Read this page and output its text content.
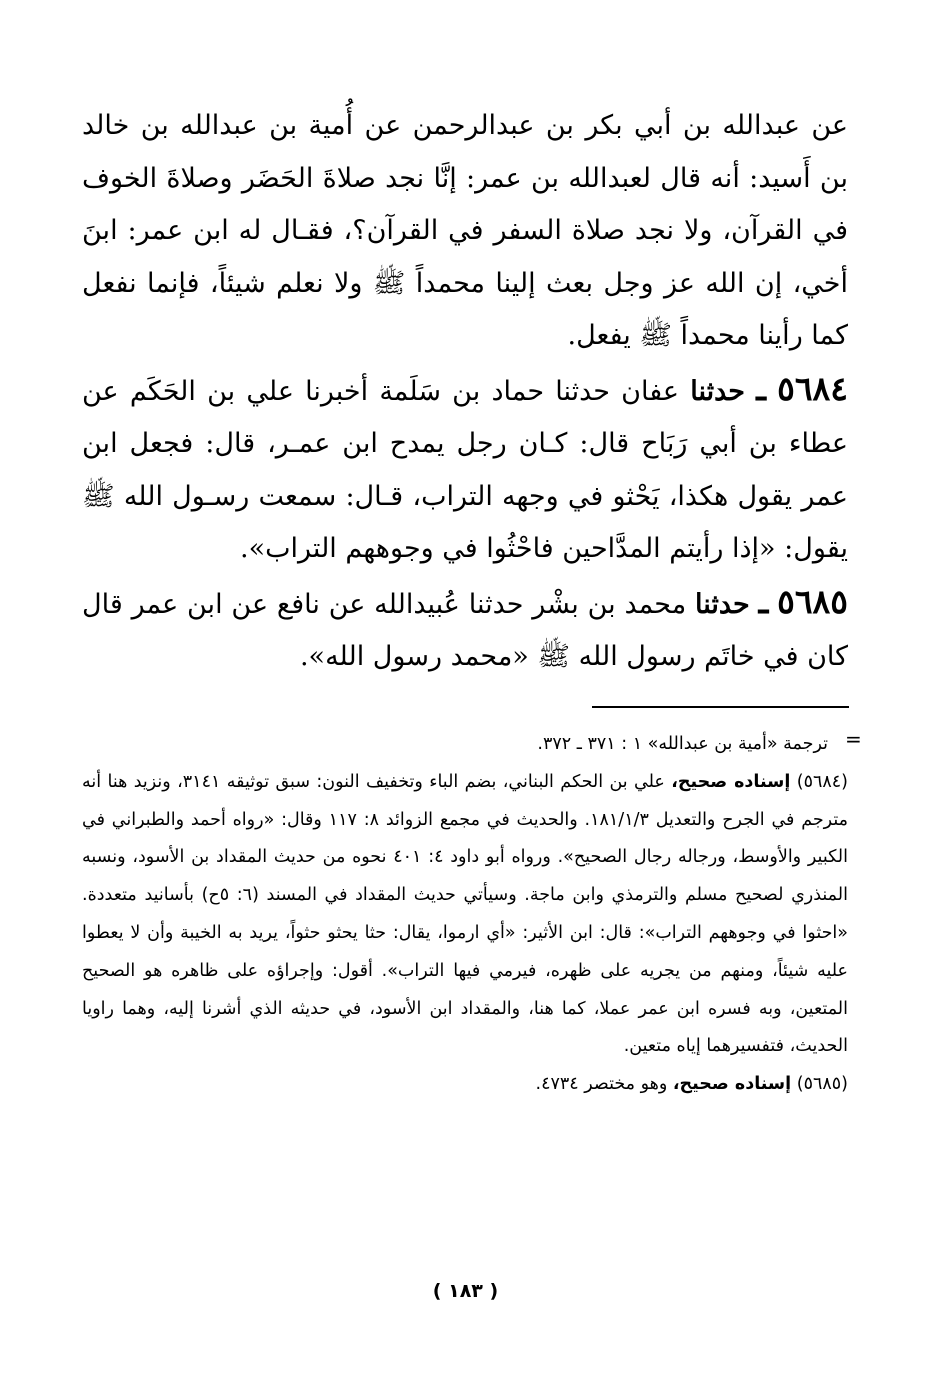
عن عبدالله بن أبي بكر بن عبدالرحمن عن أُمية بن عبدالله بن خالد بن أَسيد: أنه قال لعبدالله بن عمر: إنَّا نجد صلاةَ الحَضَر وصلاةَ الخوف في القرآن، ولا نجد صلاة السفر في القرآن؟، فقـال له ابن عمر: ابنَ أخي، إن الله عز وجل بعث إلينا محمداً ﷺ ولا نعلم شيئاً، فإنما نفعل كما رأينا محمداً ﷺ يفعل.

٥٦٨٤ ـ حدثنا عفان حدثنا حماد بن سَلَمة أخبرنا علي بن الحَكَم عن عطاء بن أبي رَبَاح قال: كـان رجل يمدح ابن عمـر، قال: فجعل ابن عمر يقول هكذا، يَحْثو في وجهه التراب، قـال: سمعت رسـول الله ﷺ يقول: «إذا رأيتم المدَّاحين فاحْثُوا في وجوههم التراب».

٥٦٨٥ ـ حدثنا محمد بن بشْر حدثنا عُبيدالله عن نافع عن ابن عمر قال كان في خاتَم رسول الله ﷺ «محمد رسول الله».

=

ترجمة «أمية بن عبدالله» ١ : ٣٧١ ـ ٣٧٢.

(٥٦٨٤) إسناده صحيح، علي بن الحكم البناني، بضم الباء وتخفيف النون: سبق توثيقه ٣١٤١، ونزيد هنا أنه مترجم في الجرح والتعديل ١٨١/١/٣. والحديث في مجمع الزوائد ٨: ١١٧ وقال: «رواه أحمد والطبراني في الكبير والأوسط، ورجاله رجال الصحيح». ورواه أبو داود ٤: ٤٠١ نحوه من حديث المقداد بن الأسود، ونسبه المنذري لصحيح مسلم والترمذي وابن ماجة. وسيأتي حديث المقداد في المسند (٦: ٥ح) بأسانيد متعددة. «احثوا في وجوههم التراب»: قال: ابن الأثير: «أي ارموا، يقال: حثا يحثو حثواً، يريد به الخيبة وأن لا يعطوا عليه شيئاً، ومنهم من يجريه على ظهره، فيرمي فيها التراب». أقول: وإجراؤه على ظاهره هو الصحيح المتعين، وبه فسره ابن عمر عملا، كما هنا، والمقداد ابن الأسود، في حديثه الذي أشرنا إليه، وهما راويا الحديث، فتفسيرهما إياه متعين.

(٥٦٨٥) إسناده صحيح، وهو مختصر ٤٧٣٤.

( ١٨٣ )
